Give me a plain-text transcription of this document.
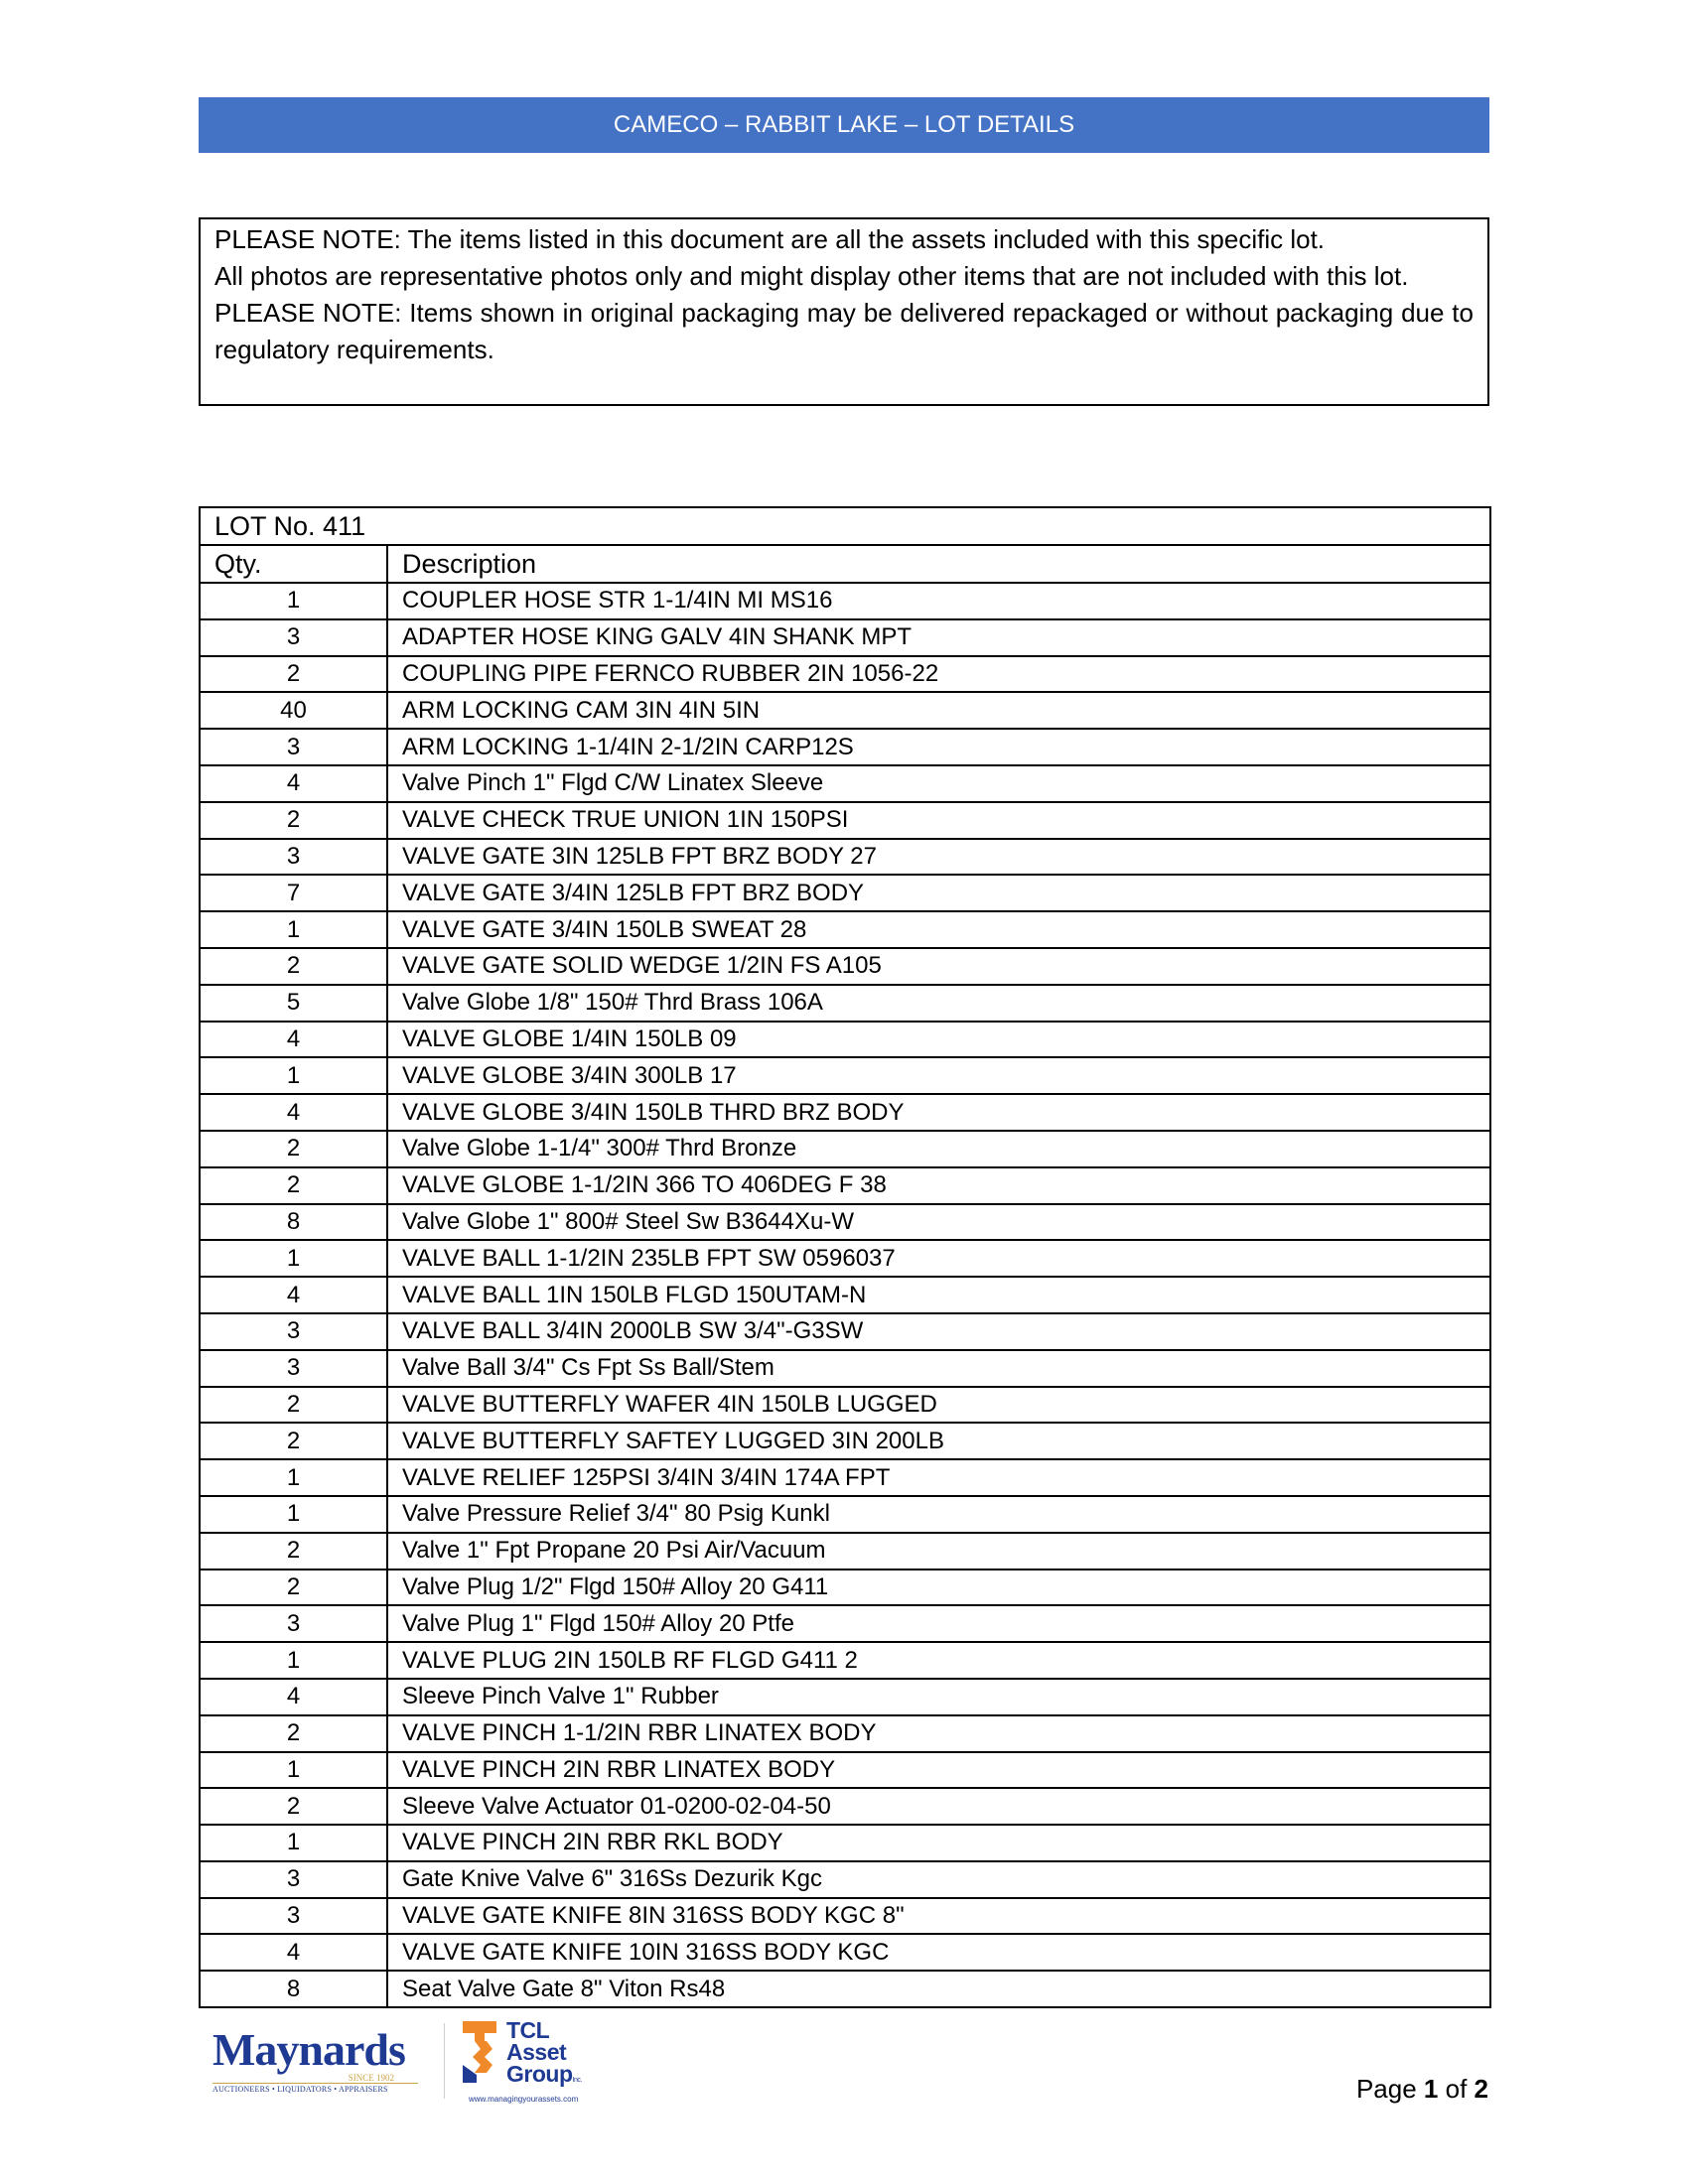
CAMECO – RABBIT LAKE – LOT DETAILS

PLEASE NOTE: The items listed in this document are all the assets included with this specific lot.

All photos are representative photos only and might display other items that are not included with this lot.

PLEASE NOTE: Items shown in original packaging may be delivered repackaged or without packaging due to regulatory requirements.

LOT No. 411	
Qty.	Description
1	COUPLER HOSE STR 1-1/4IN MI MS16
3	ADAPTER HOSE KING GALV 4IN SHANK MPT
2	COUPLING PIPE FERNCO RUBBER 2IN 1056-22
40	ARM LOCKING CAM 3IN 4IN 5IN
3	ARM LOCKING 1-1/4IN 2-1/2IN CARP12S
4	Valve Pinch 1" Flgd C/W Linatex Sleeve
2	VALVE CHECK TRUE UNION 1IN 150PSI
3	VALVE GATE 3IN 125LB FPT BRZ BODY 27
7	VALVE GATE 3/4IN 125LB FPT BRZ BODY
1	VALVE GATE 3/4IN 150LB SWEAT 28
2	VALVE GATE SOLID WEDGE 1/2IN FS A105
5	Valve Globe 1/8" 150# Thrd Brass 106A
4	VALVE GLOBE 1/4IN 150LB 09
1	VALVE GLOBE 3/4IN 300LB 17
4	VALVE GLOBE 3/4IN 150LB THRD BRZ BODY
2	Valve Globe 1-1/4" 300# Thrd Bronze
2	VALVE GLOBE 1-1/2IN 366 TO 406DEG F 38
8	Valve Globe 1" 800# Steel Sw B3644Xu-W
1	VALVE BALL 1-1/2IN 235LB FPT SW 0596037
4	VALVE BALL 1IN 150LB FLGD 150UTAM-N
3	VALVE BALL 3/4IN 2000LB SW 3/4"-G3SW
3	Valve Ball 3/4" Cs Fpt Ss Ball/Stem
2	VALVE BUTTERFLY WAFER 4IN 150LB LUGGED
2	VALVE BUTTERFLY SAFTEY LUGGED 3IN 200LB
1	VALVE RELIEF 125PSI 3/4IN 3/4IN 174A FPT
1	Valve Pressure Relief 3/4" 80 Psig Kunkl
2	Valve 1" Fpt Propane 20 Psi Air/Vacuum
2	Valve Plug 1/2" Flgd 150# Alloy 20 G411
3	Valve Plug 1" Flgd 150# Alloy 20 Ptfe
1	VALVE PLUG 2IN 150LB RF FLGD G411 2
4	Sleeve Pinch Valve 1" Rubber
2	VALVE PINCH 1-1/2IN RBR LINATEX BODY
1	VALVE PINCH 2IN RBR LINATEX BODY
2	Sleeve Valve Actuator 01-0200-02-04-50
1	VALVE PINCH 2IN RBR RKL BODY
3	Gate Knive Valve 6" 316Ss Dezurik Kgc
3	VALVE GATE KNIFE 8IN 316SS BODY KGC 8"
4	VALVE GATE KNIFE 10IN 316SS BODY KGC
8	Seat Valve Gate 8" Viton Rs48
Maynards
SINCE 1902
AUCTIONEERS • LIQUIDATORS • APPRAISERS
TCL
Asset
GroupInc.
www.managingyourassets.com	Page 1 of 2
